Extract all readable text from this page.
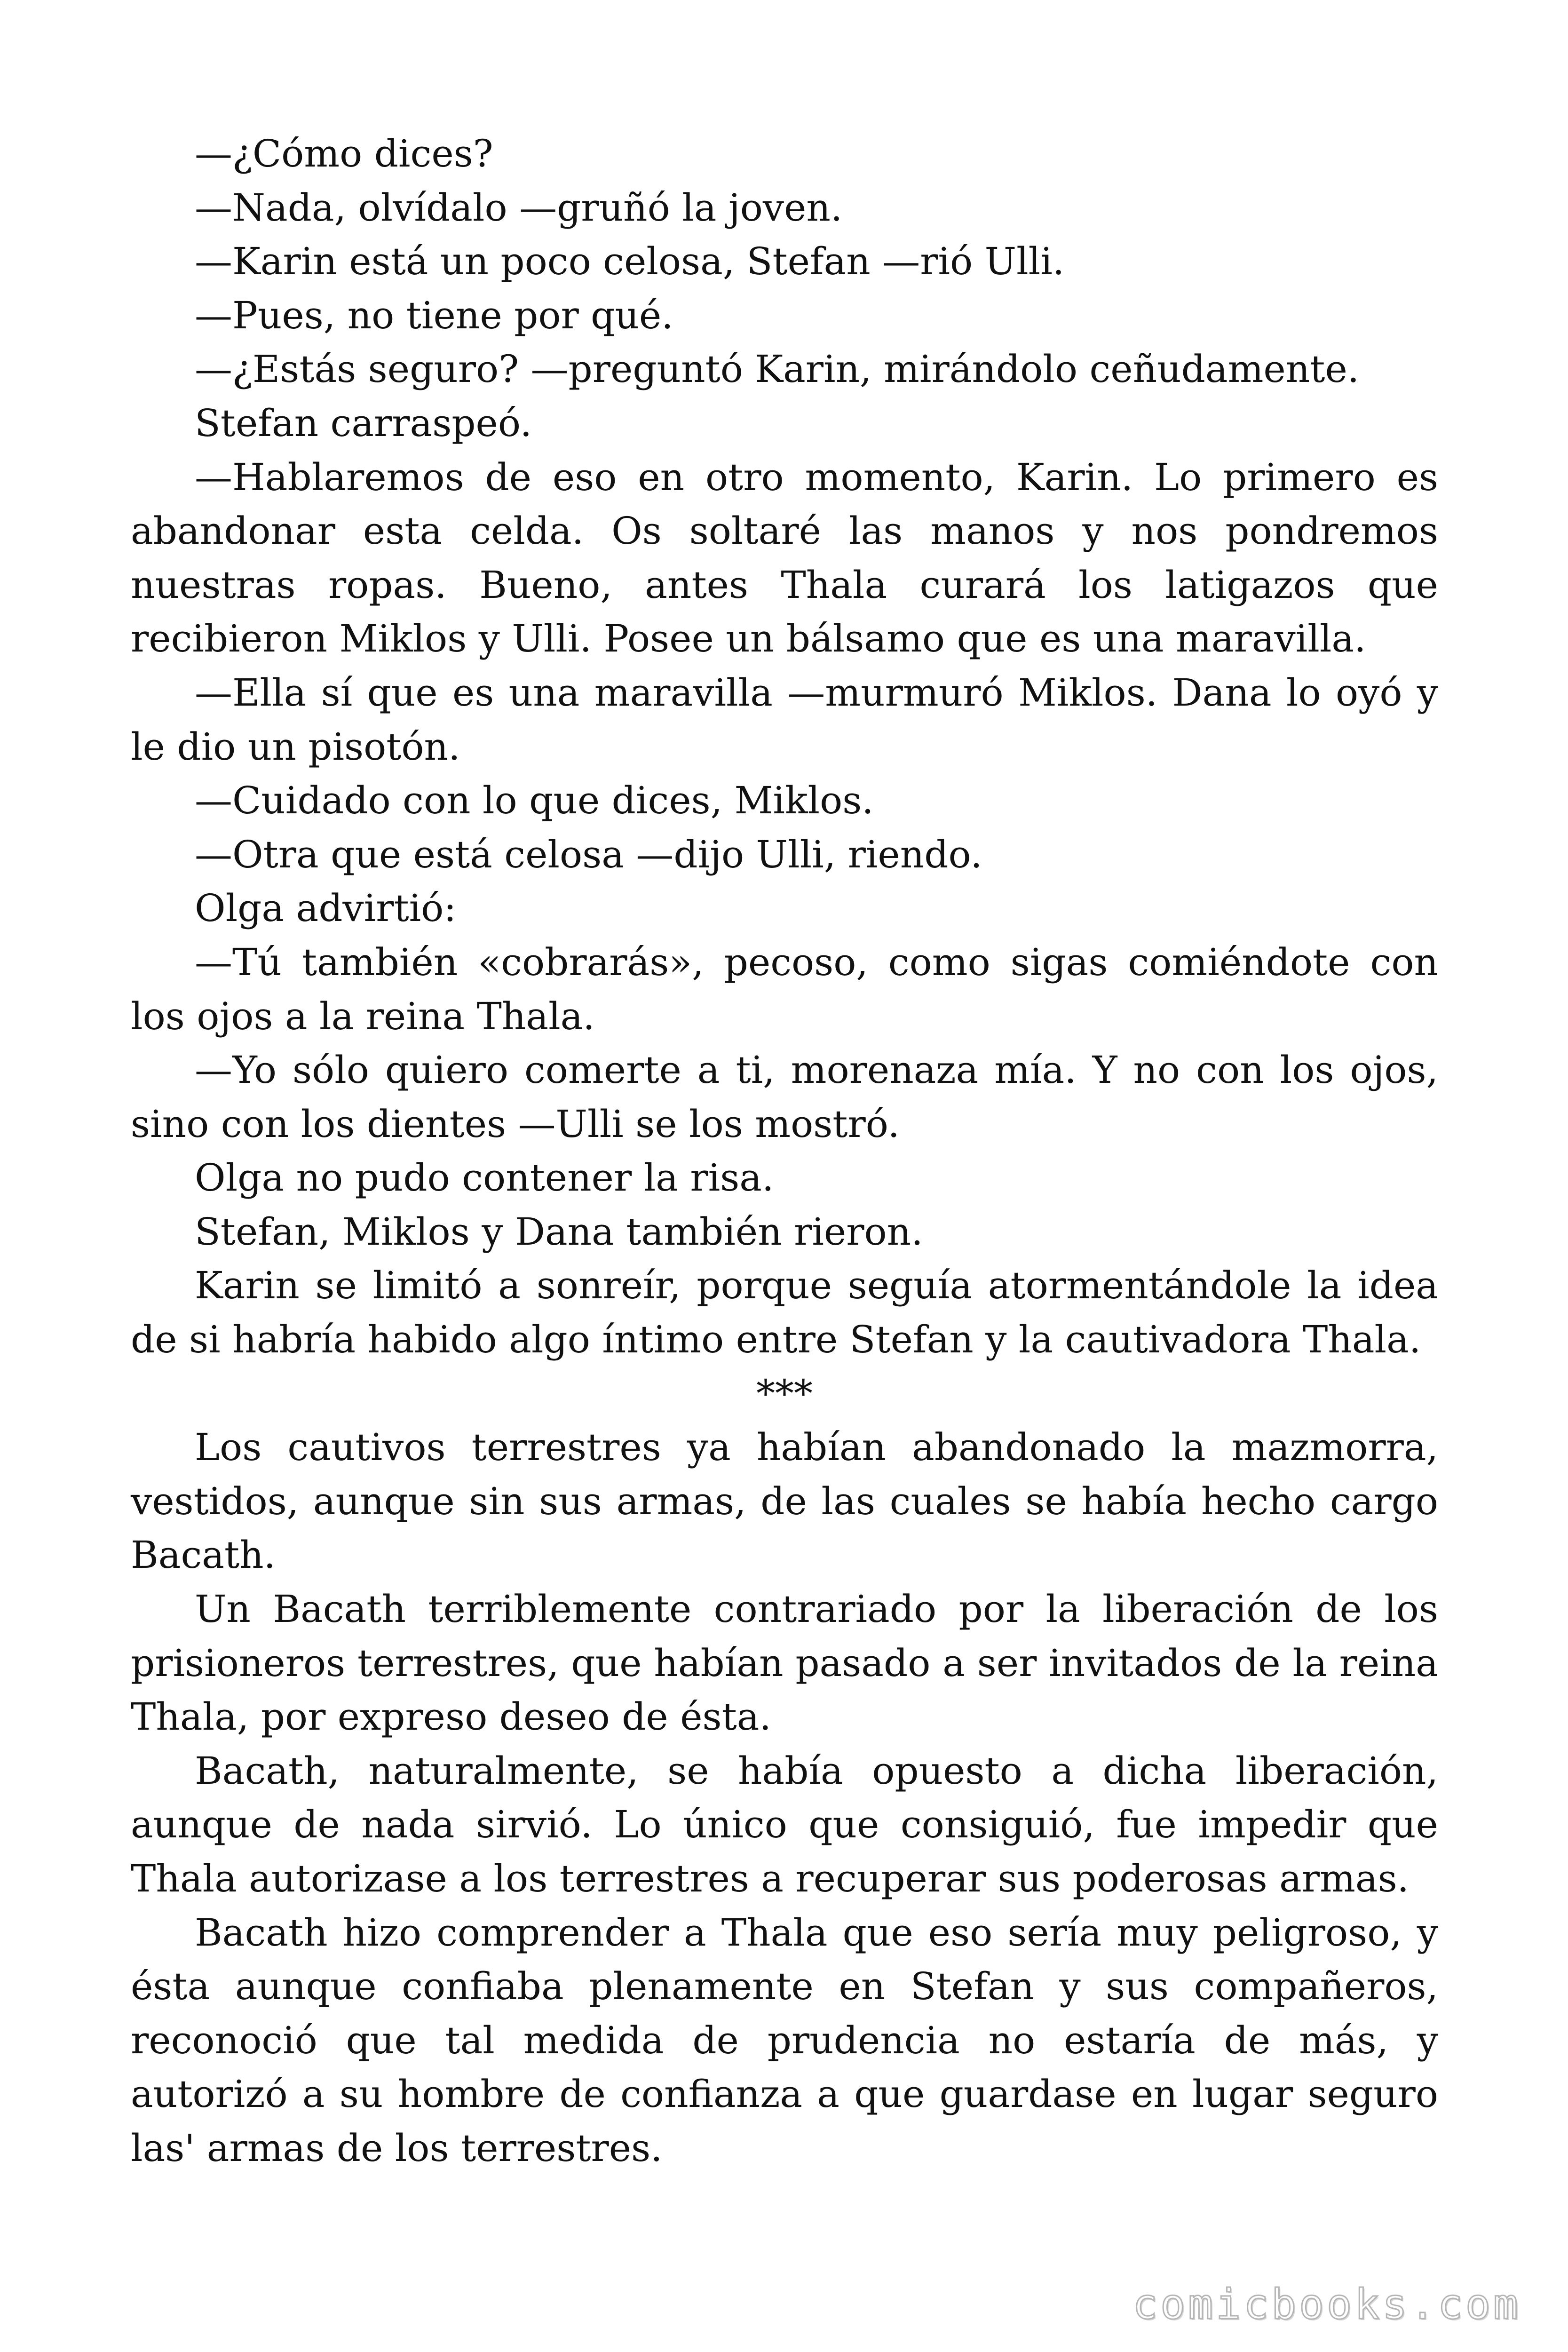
—¿Cómo dices?

—Nada, olvídalo —gruñó la joven.

—Karin está un poco celosa, Stefan —rió Ulli.

—Pues, no tiene por qué.

—¿Estás seguro? —preguntó Karin, mirándolo ceñudamente.

Stefan carraspeó.

—Hablaremos de eso en otro momento, Karin. Lo primero es abandonar esta celda. Os soltaré las manos y nos pondremos nuestras ropas. Bueno, antes Thala curará los latigazos que recibieron Miklos y Ulli. Posee un bálsamo que es una maravilla.

—Ella sí que es una maravilla —murmuró Miklos. Dana lo oyó y le dio un pisotón.

—Cuidado con lo que dices, Miklos.

—Otra que está celosa —dijo Ulli, riendo.

Olga advirtió:

—Tú también «cobrarás», pecoso, como sigas comiéndote con los ojos a la reina Thala.

—Yo sólo quiero comerte a ti, morenaza mía. Y no con los ojos, sino con los dientes —Ulli se los mostró.

Olga no pudo contener la risa.

Stefan, Miklos y Dana también rieron.

Karin se limitó a sonreír, porque seguía atormentándole la idea de si habría habido algo íntimo entre Stefan y la cautivadora Thala.

***

Los cautivos terrestres ya habían abandonado la mazmorra, vestidos, aunque sin sus armas, de las cuales se había hecho cargo Bacath.

Un Bacath terriblemente contrariado por la liberación de los prisioneros terrestres, que habían pasado a ser invitados de la reina Thala, por expreso deseo de ésta.

Bacath, naturalmente, se había opuesto a dicha liberación, aunque de nada sirvió. Lo único que consiguió, fue impedir que Thala autorizase a los terrestres a recuperar sus poderosas armas.

Bacath hizo comprender a Thala que eso sería muy peligroso, y ésta aunque confiaba plenamente en Stefan y sus compañeros, reconoció que tal medida de prudencia no estaría de más, y autorizó a su hombre de confianza a que guardase en lugar seguro las' armas de los terrestres.

comicbooks.com
